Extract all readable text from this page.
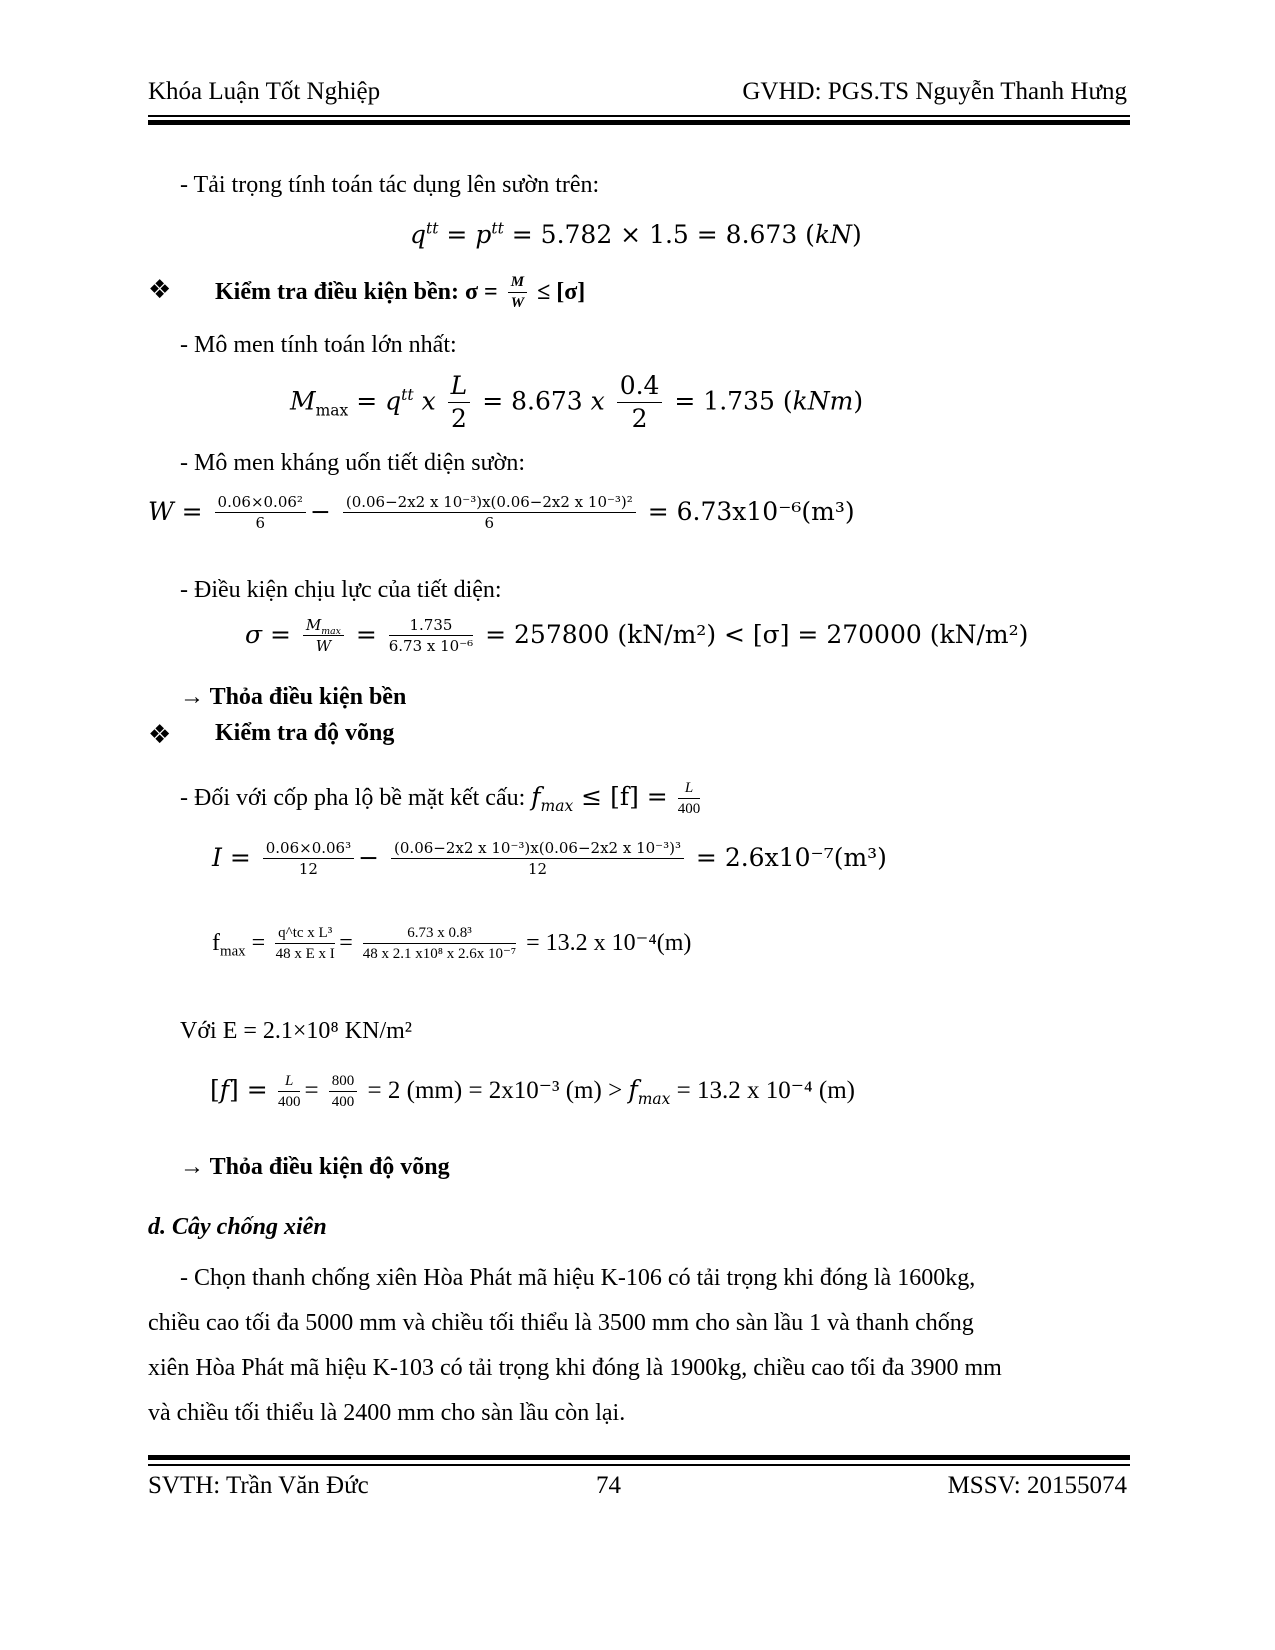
Khóa Luận Tốt Nghiệp	GVHD: PGS.TS Nguyễn Thanh Hưng
- Tải trọng tính toán tác dụng lên sườn trên:
$q^{tt} = p^{tt} = 5.782 \times 1.5 = 8.673$ (kN)
❖ Kiểm tra điều kiện bền: $\sigma = \frac{M}{W} \le [\sigma]$
- Mô men tính toán lớn nhất:
$M_{max} = q^{tt}$ x $\frac{L}{2} = 8.673$ x $\frac{0.4}{2} = 1.735$ (kNm)
- Mô men kháng uốn tiết diện sườn:
$W = \frac{\text{0.06×0.06²}}{6} - \frac{\text{(0.06−2x2 x 10⁻³)x(0.06−2x2 x 10⁻³)²}}{6} = 6.73x10^{-6}(m^3)$
- Điều kiện chịu lực của tiết diện:
$\sigma = \frac{M_{max}}{W} = \frac{1.735}{\text{6.73 x 10⁻⁶}} = 257800$ (kN/m²) < [σ] = 270000 (kN/m²)
→ Thỏa điều kiện bền
❖ Kiểm tra độ võng
- Đối với cốp pha lộ bề mặt kết cấu: $f_{max} \le [f] = \frac{L}{400}$
$I = \frac{\text{0.06×0.06³}}{12} - \frac{\text{(0.06−2x2 x 10⁻³)x(0.06−2x2 x 10⁻³)³}}{12} = 2.6x10^{-7}(m^3)$
$f_{max} = \frac{\text{q\textasciicircum{}tc x L³}}{\text{48 x E x I}} = \frac{\text{6.73 x 0.8³}}{\text{48 x 2.1 x10⁸ x 2.6x 10⁻⁷}} = 13.2$ x 10⁻⁴(m)
Với E = 2.1×10⁸ KN/m²
$[f] = \frac{L}{400} = \frac{800}{400} = 2$ (mm) = 2x10⁻³ $(m) > f_{max} = 13.2$ x 10⁻⁴ (m)
→ Thỏa điều kiện độ võng
d. Cây chống xiên
- Chọn thanh chống xiên Hòa Phát mã hiệu K-106 có tải trọng khi đóng là 1600kg,
chiều cao tối đa 5000 mm và chiều tối thiểu là 3500 mm cho sàn lầu 1 và thanh chống
xiên Hòa Phát mã hiệu K-103 có tải trọng khi đóng là 1900kg, chiều cao tối đa 3900 mm
và chiều tối thiểu là 2400 mm cho sàn lầu còn lại.
SVTH: Trần Văn Đức	74	MSSV: 20155074
